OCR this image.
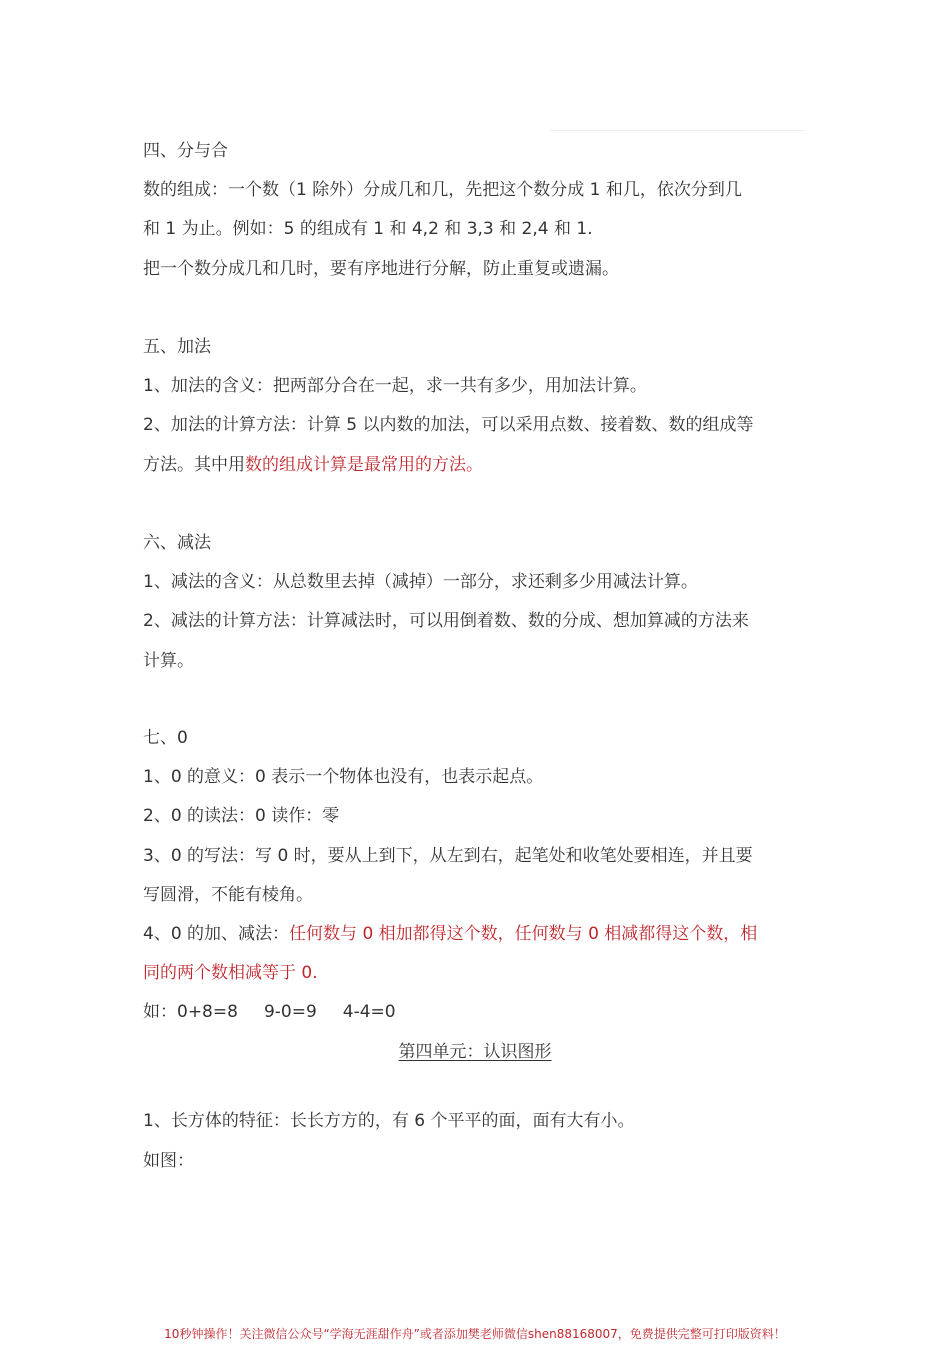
四、分与合

数的组成：一个数（1 除外）分成几和几，先把这个数分成 1 和几，依次分到几

和 1 为止。例如：5 的组成有 1 和 4,2 和 3,3 和 2,4 和 1.

把一个数分成几和几时，要有序地进行分解，防止重复或遗漏。

五、加法

1、加法的含义：把两部分合在一起，求一共有多少，用加法计算。

2、加法的计算方法：计算 5 以内数的加法，可以采用点数、接着数、数的组成等

方法。其中用数的组成计算是最常用的方法。

六、减法

1、减法的含义：从总数里去掉（减掉）一部分，求还剩多少用减法计算。

2、减法的计算方法：计算减法时，可以用倒着数、数的分成、想加算减的方法来

计算。

七、0

1、0 的意义：0 表示一个物体也没有，也表示起点。

2、0 的读法：0 读作：零

3、0 的写法：写 0 时，要从上到下，从左到右，起笔处和收笔处要相连，并且要

写圆滑，不能有棱角。

4、0 的加、减法：任何数与 0 相加都得这个数，任何数与 0 相减都得这个数，相

同的两个数相减等于 0.

如：0+8=8 9-0=9 4-4=0

第四单元：认识图形

1、长方体的特征：长长方方的，有 6 个平平的面，面有大有小。

如图：

10秒钟操作！关注微信公众号“学海无涯甜作舟”或者添加樊老师微信shen88168007，免费提供完整可打印版资料！
